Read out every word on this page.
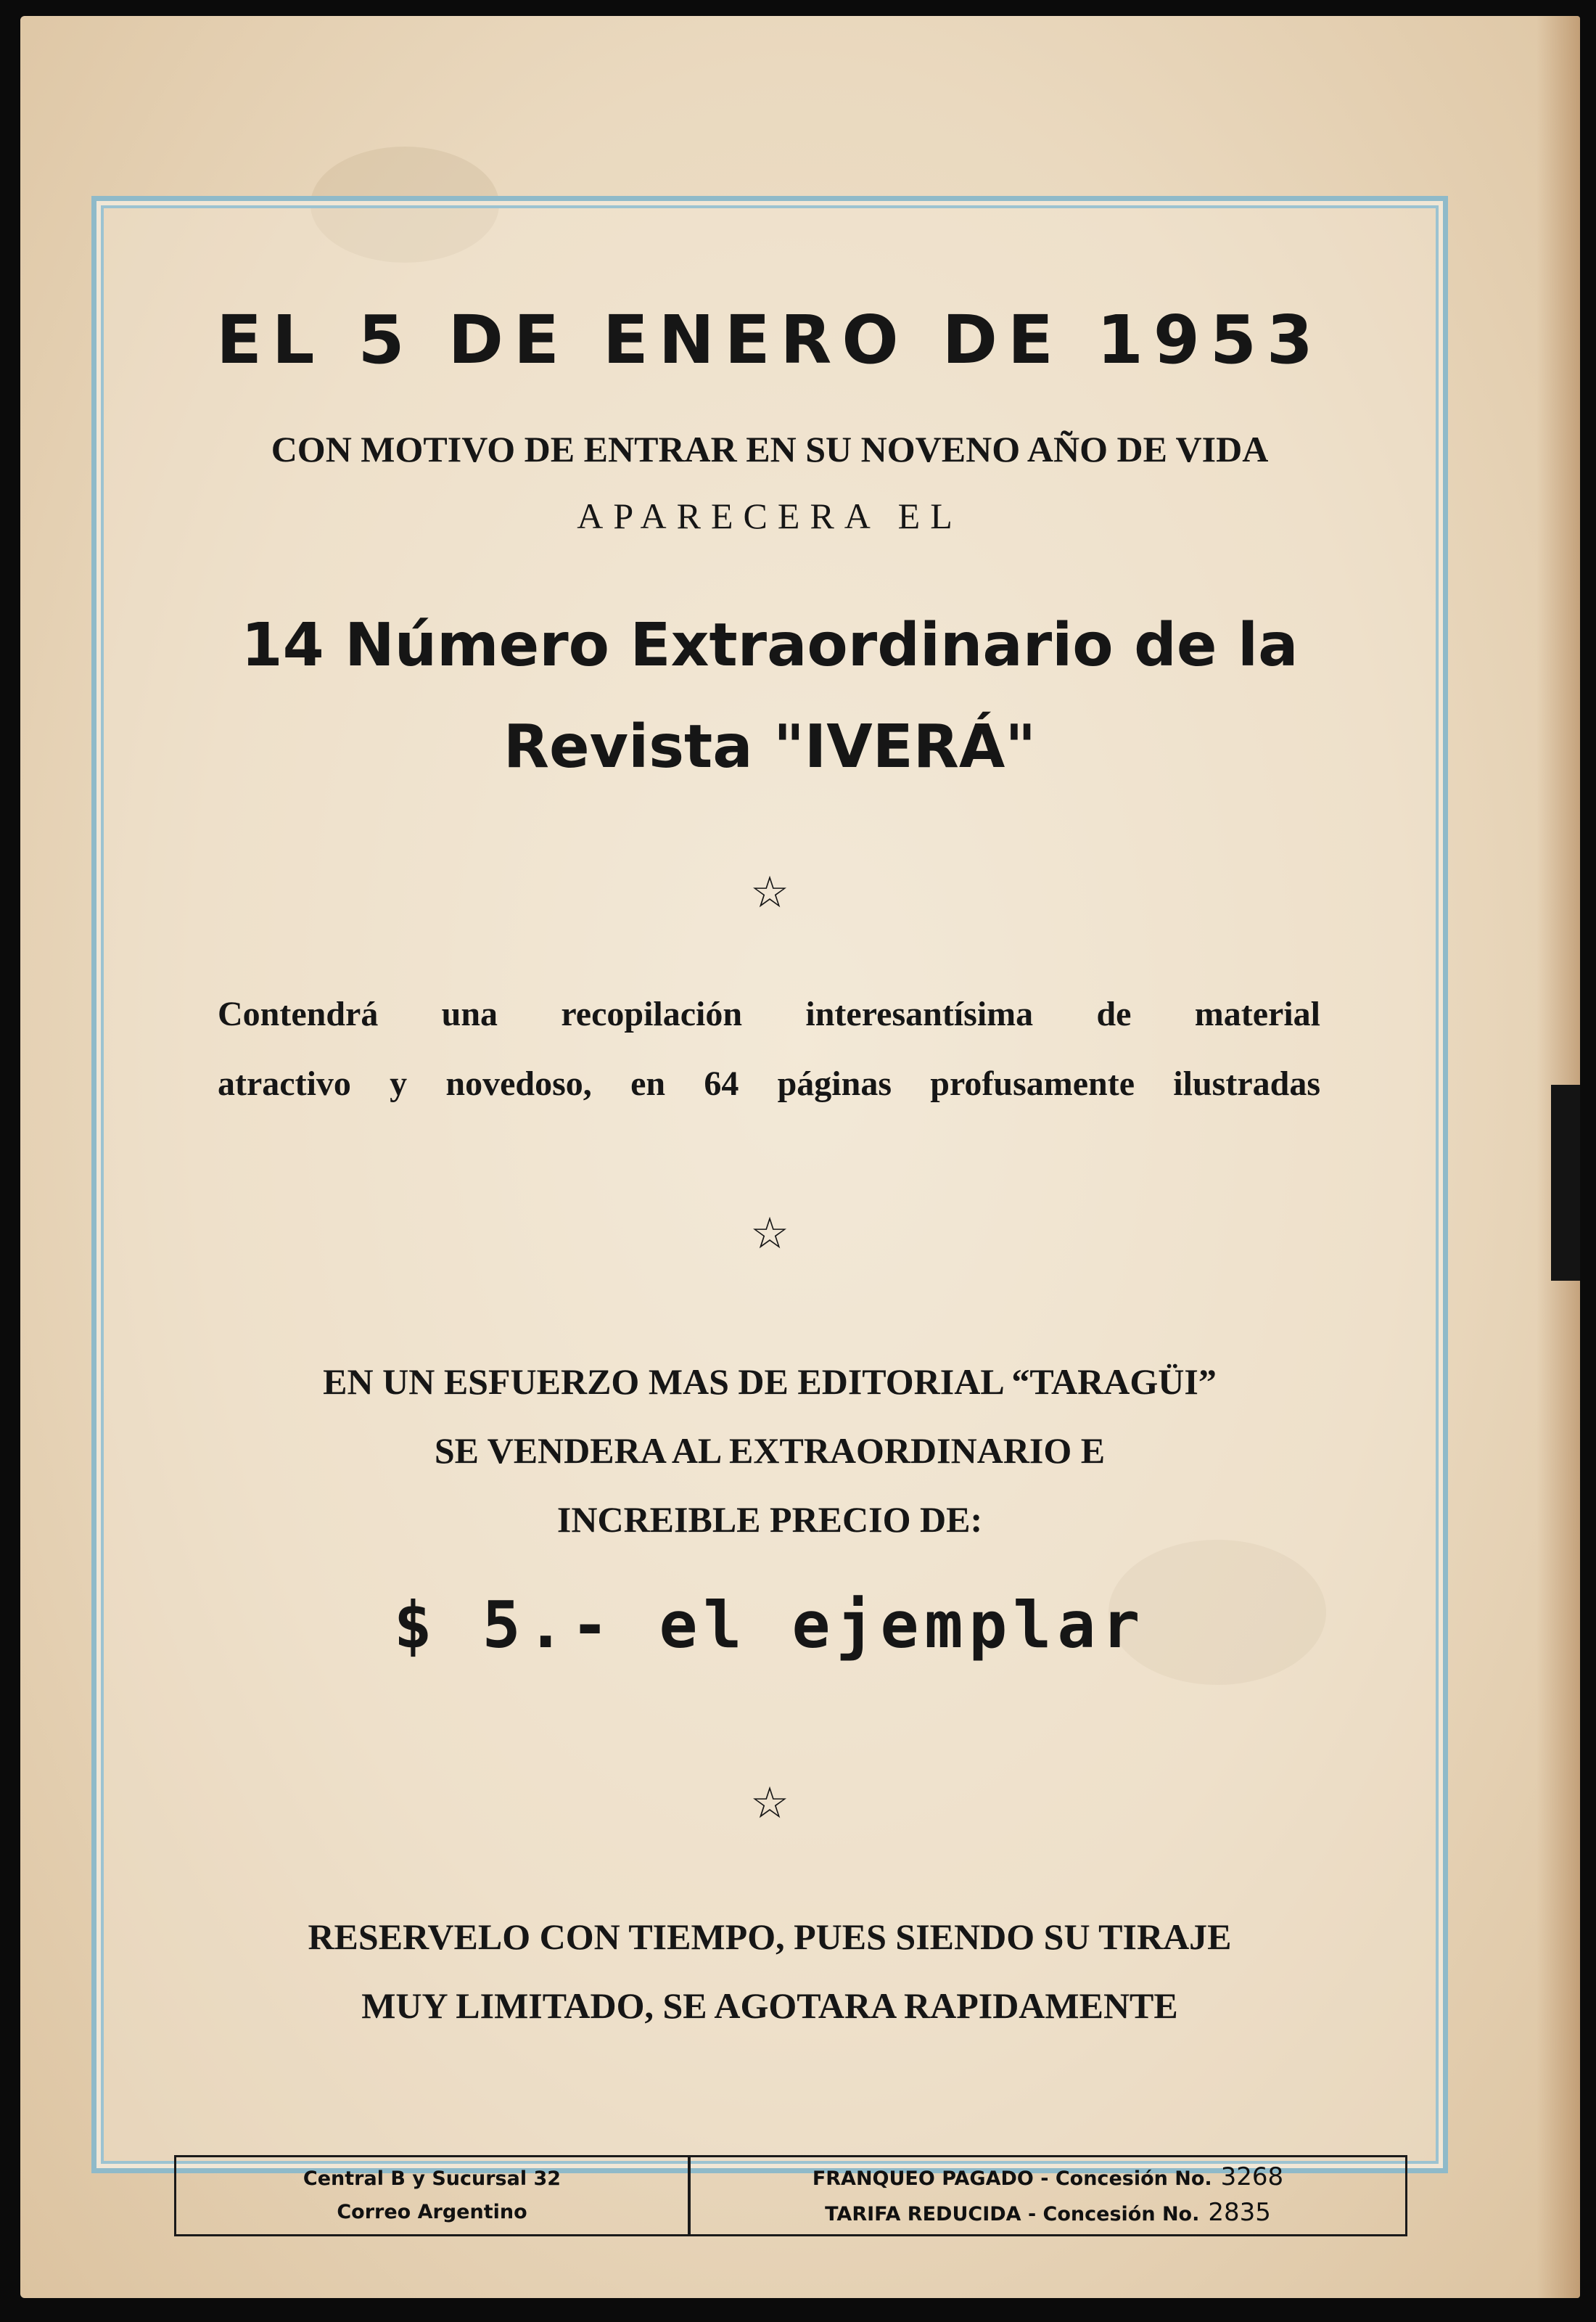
EL 5 DE ENERO DE 1953
CON MOTIVO DE ENTRAR EN SU NOVENO AÑO DE VIDA
APARECERA EL
14 Número Extraordinario de la
Revista "IVERÁ"
☆
Contendrá una recopilación interesantísima de material
atractivo y novedoso, en 64 páginas profusamente ilustradas
☆
EN UN ESFUERZO MAS DE EDITORIAL “TARAGÜI”
SE VENDERA AL EXTRAORDINARIO E
INCREIBLE PRECIO DE:
$ 5.- el ejemplar
☆
RESERVELO CON TIEMPO, PUES SIENDO SU TIRAJE
MUY LIMITADO, SE AGOTARA RAPIDAMENTE
Central B y Sucursal 32
Correo Argentino
FRANQUEO PAGADO - Concesión No. 3268
TARIFA REDUCIDA - Concesión No. 2835
